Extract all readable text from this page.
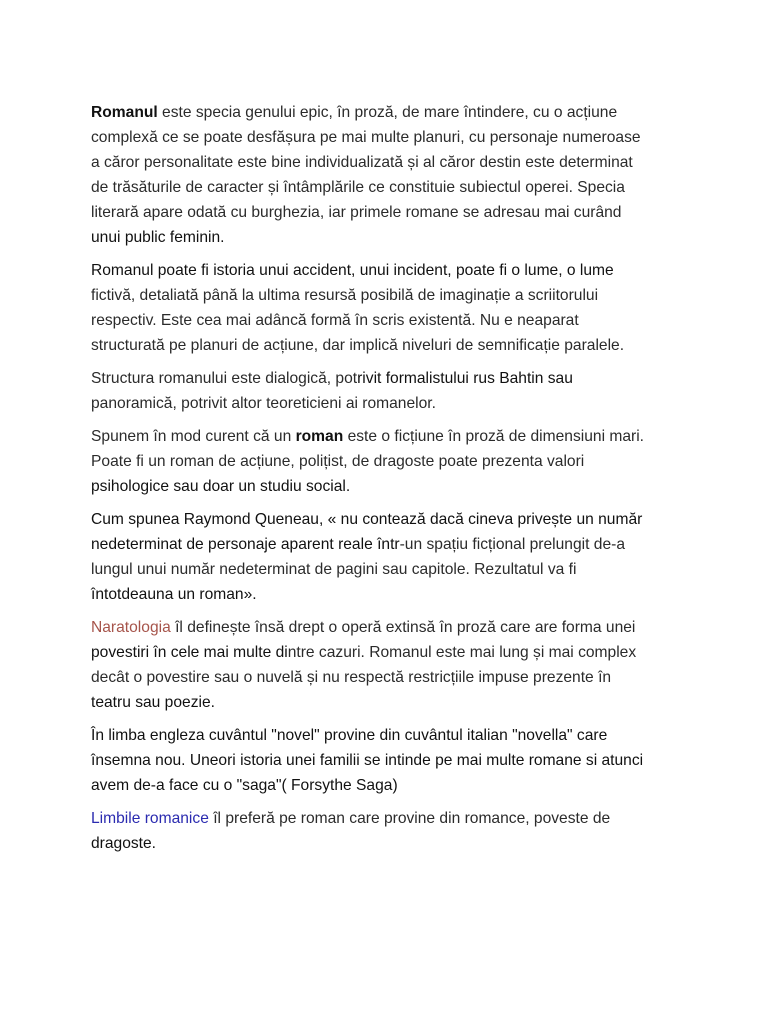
Romanul este specia genului epic, în proză, de mare întindere, cu o acțiune complexă ce se poate desfășura pe mai multe planuri, cu personaje numeroase a căror personalitate este bine individualizată și al căror destin este determinat de trăsăturile de caracter și întâmplările ce constituie subiectul operei. Specia literară apare odată cu burghezia, iar primele romane se adresau mai curând unui public feminin.

Romanul poate fi istoria unui accident, unui incident, poate fi o lume, o lume fictivă, detaliată până la ultima resursă posibilă de imaginație a scriitorului respectiv. Este cea mai adâncă formă în scris existentă. Nu e neaparat structurată pe planuri de acțiune, dar implică niveluri de semnificație paralele.

Structura romanului este dialogică, potrivit formalistului rus Bahtin sau panoramică, potrivit altor teoreticieni ai romanelor.

Spunem în mod curent că un roman este o ficțiune în proză de dimensiuni mari. Poate fi un roman de acțiune, polițist, de dragoste poate prezenta valori psihologice sau doar un studiu social.

Cum spunea Raymond Queneau, « nu contează dacă cineva privește un număr nedeterminat de personaje aparent reale într-un spațiu ficțional prelungit de-a lungul unui număr nedeterminat de pagini sau capitole. Rezultatul va fi întotdeauna un roman».

Naratologia îl definește însă drept o operă extinsă în proză care are forma unei povestiri în cele mai multe dintre cazuri. Romanul este mai lung și mai complex decât o povestire sau o nuvelă și nu respectă restricțiile impuse prezente în teatru sau poezie.

În limba engleza cuvântul "novel" provine din cuvântul italian "novella" care însemna nou. Uneori istoria unei familii se intinde pe mai multe romane si atunci avem de-a face cu o "saga"( Forsythe Saga)

Limbile romanice îl preferă pe roman care provine din romance, poveste de dragoste.
